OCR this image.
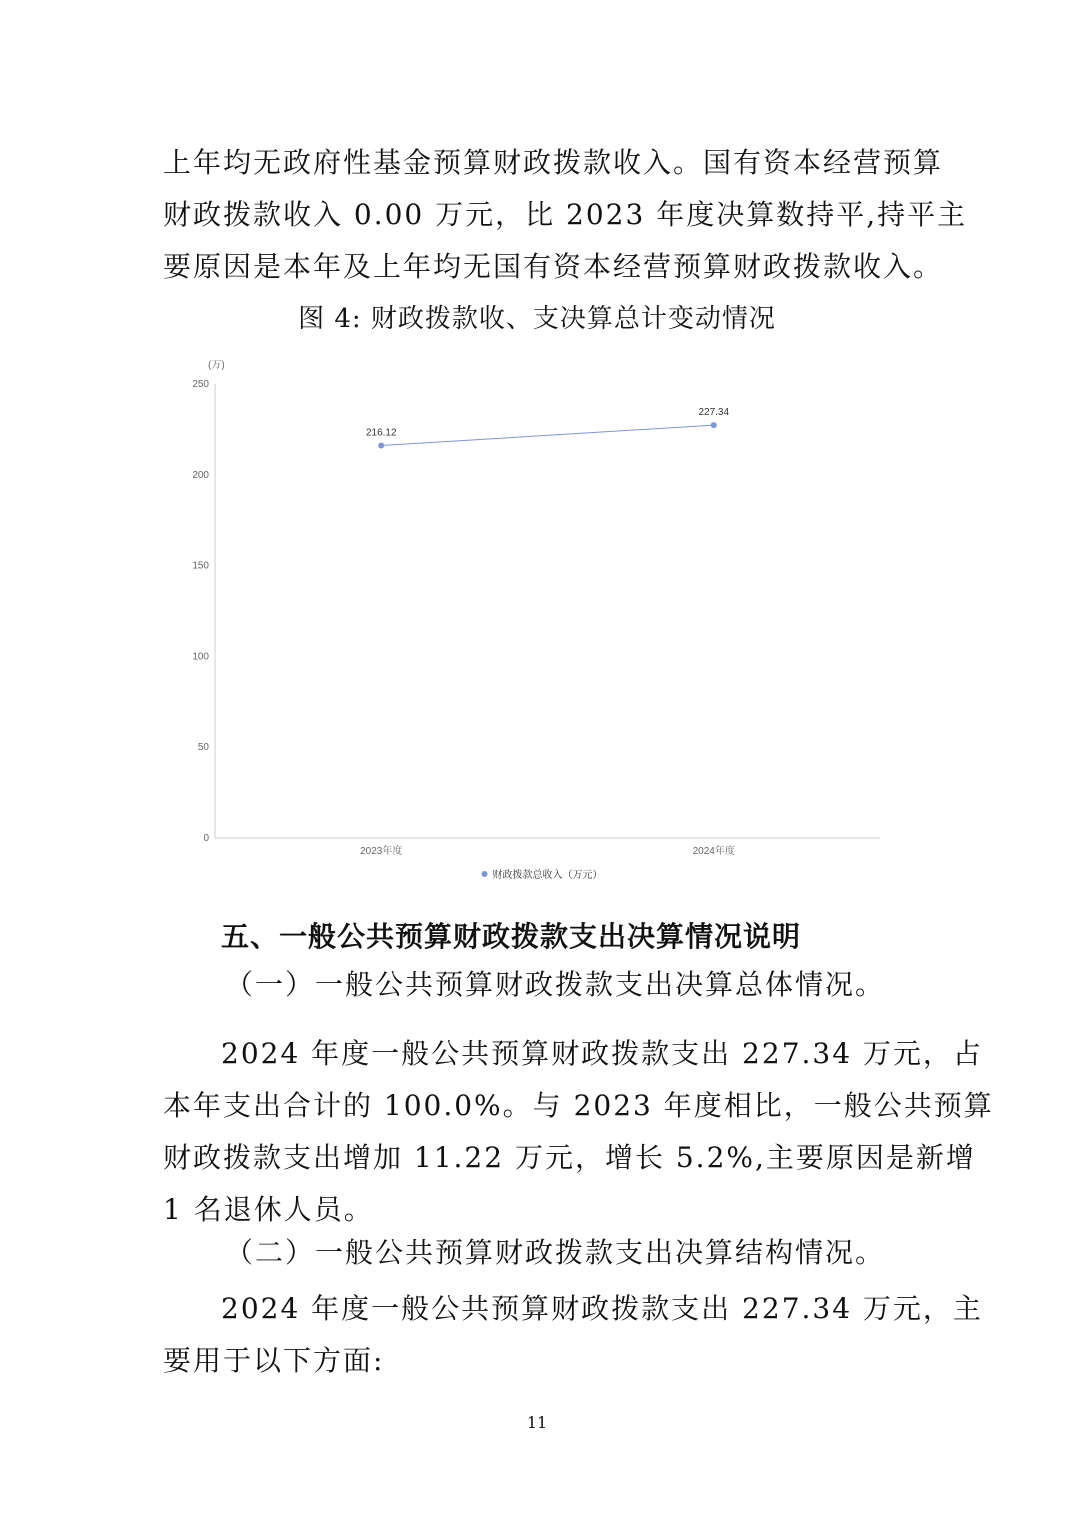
上年均无政府性基金预算财政拨款收入。国有资本经营预算
财政拨款收入 0.00 万元，比 2023 年度决算数持平,持平主
要原因是本年及上年均无国有资本经营预算财政拨款收入。

图 4: 财政拨款收、支决算总计变动情况

(万)
0
50
100
150
200
250
2023年度	2024年度
216.12
227.34
财政拨款总收入（万元）

五、一般公共预算财政拨款支出决算情况说明

（一）一般公共预算财政拨款支出决算总体情况。

2024 年度一般公共预算财政拨款支出 227.34 万元，占
本年支出合计的 100.0%。与 2023 年度相比，一般公共预算
财政拨款支出增加 11.22 万元，增长 5.2%,主要原因是新增
1 名退休人员。

（二）一般公共预算财政拨款支出决算结构情况。

2024 年度一般公共预算财政拨款支出 227.34 万元，主
要用于以下方面:

11
